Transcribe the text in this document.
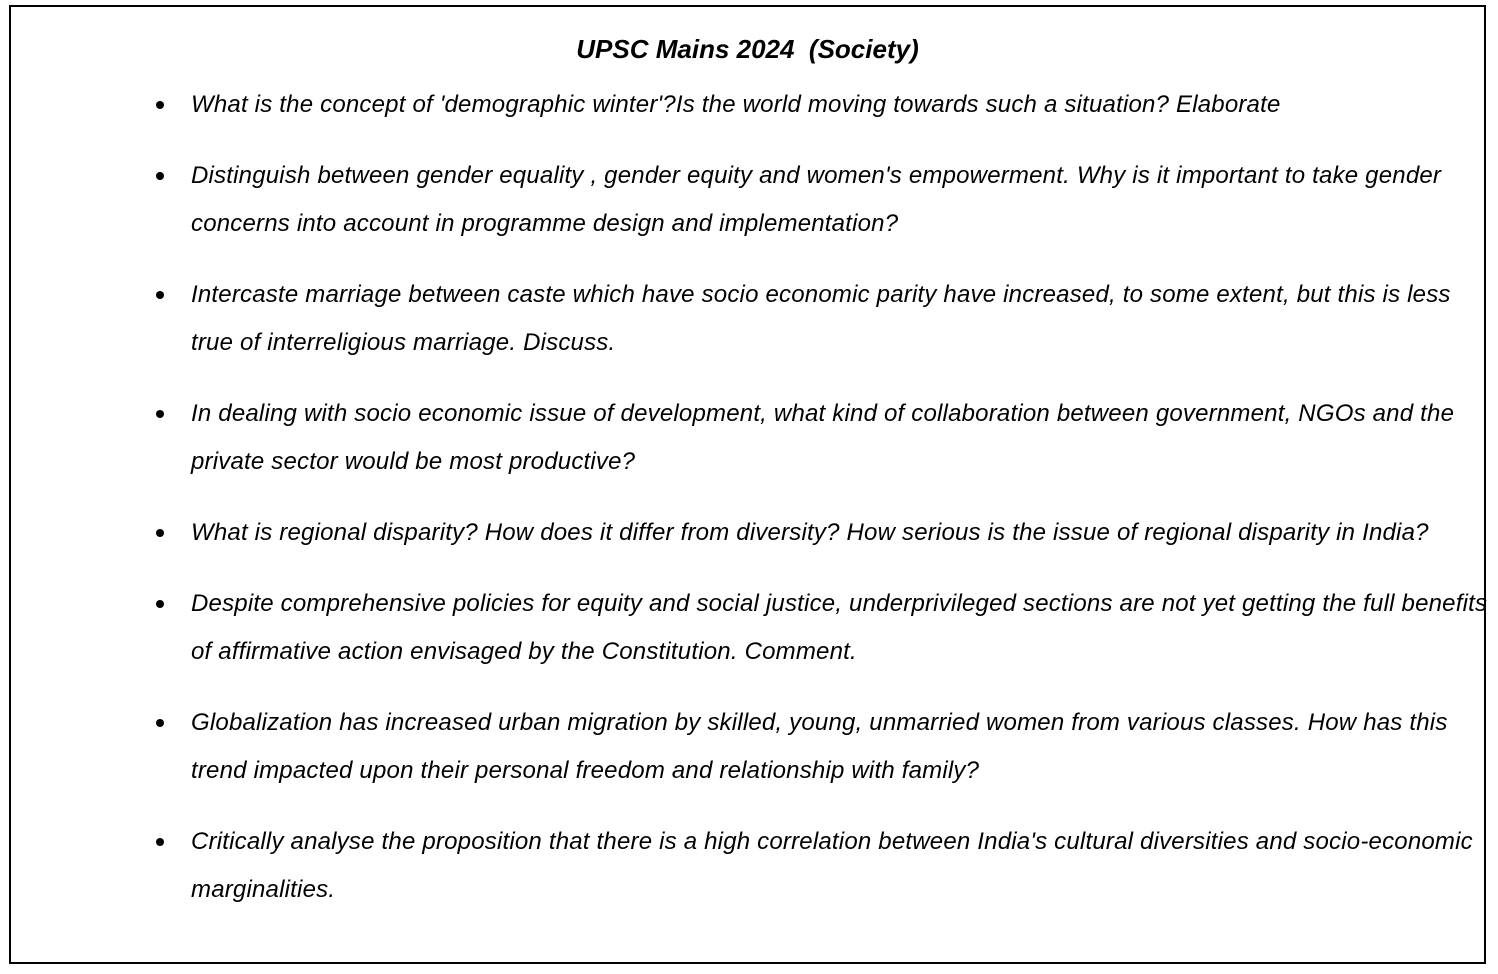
UPSC Mains 2024  (Society)
What is the concept of 'demographic winter'?Is the world moving towards such a situation? Elaborate
Distinguish between gender equality , gender equity and women's empowerment. Why is it important to take gender concerns into account in programme design and implementation?
Intercaste marriage between caste which have socio economic parity have increased, to some extent, but this is less true of interreligious marriage. Discuss.
In dealing with socio economic issue of development, what kind of collaboration between government, NGOs and the private sector would be most productive?
What is regional disparity? How does it differ from diversity? How serious is the issue of regional disparity in India?
Despite comprehensive policies for equity and social justice, underprivileged sections are not yet getting the full benefits of affirmative action envisaged by the Constitution. Comment.
Globalization has increased urban migration by skilled, young, unmarried women from various classes. How has this trend impacted upon their personal freedom and relationship with family?
Critically analyse the proposition that there is a high correlation between India's cultural diversities and socio-economic marginalities.
